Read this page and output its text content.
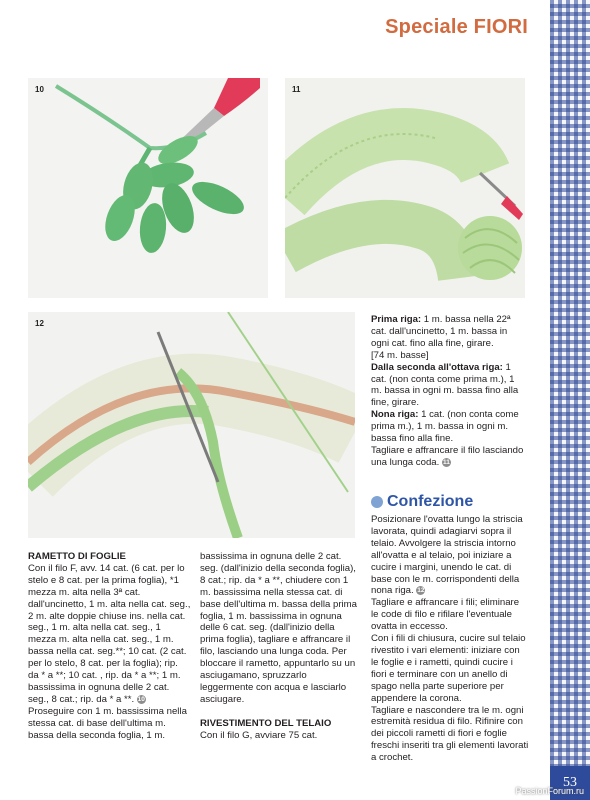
Speciale FIORI
10	11
12

RAMETTO DI FOGLIE

Con il filo F, avv. 14 cat. (6 cat. per lo stelo e 8 cat. per la prima foglia), *1 mezza m. alta nella 3ª cat. dall'uncinetto, 1 m. alta nella cat. seg., 2 m. alte doppie chiuse ins. nella cat. seg., 1 m. alta nella cat. seg., 1 mezza m. alta nella cat. seg., 1 m. bassa nella cat. seg.**; 10 cat. (2 cat. per lo stelo, 8 cat. per la foglia); rip. da * a **; 10 cat. , rip. da * a **; 1 m. bassissima in ognuna delle 2 cat. seg., 8 cat.; rip. da * a **. 10

Proseguire con 1 m. bassissima nella stessa cat. di base dell'ultima m. bassa della seconda foglia, 1 m.

bassissima in ognuna delle 2 cat. seg. (dall'inizio della seconda foglia), 8 cat.; rip. da * a **, chiudere con 1 m. bassissima nella stessa cat. di base dell'ultima m. bassa della prima foglia, 1 m. bassissima in ognuna delle 6 cat. seg. (dall'inizio della prima foglia), tagliare e affrancare il filo, lasciando una lunga coda. Per bloccare il rametto, appuntarlo su un asciugamano, spruzzarlo leggermente con acqua e lasciarlo asciugare.

RIVESTIMENTO DEL TELAIO

Con il filo G, avviare 75 cat.

Prima riga: 1 m. bassa nella 22ª cat. dall'uncinetto, 1 m. bassa in ogni cat. fino alla fine, girare.

[74 m. basse]

Dalla seconda all'ottava riga: 1 cat. (non conta come prima m.), 1 m. bassa in ogni m. bassa fino alla fine, girare.

Nona riga: 1 cat. (non conta come prima m.), 1 m. bassa in ogni m. bassa fino alla fine.

Tagliare e affrancare il filo lasciando una lunga coda. 11

Confezione

Posizionare l'ovatta lungo la striscia lavorata, quindi adagiarvi sopra il telaio. Avvolgere la striscia intorno all'ovatta e al telaio, poi iniziare a cucire i margini, unendo le cat. di base con le m. corrispondenti della nona riga. 12

Tagliare e affrancare i fili; eliminare le code di filo e rifilare l'eventuale ovatta in eccesso.

Con i fili di chiusura, cucire sul telaio rivestito i vari elementi: iniziare con le foglie e i rametti, quindi cucire i fiori e terminare con un anello di spago nella parte superiore per appendere la corona.

Tagliare e nascondere tra le m. ogni estremità residua di filo. Rifinire con dei piccoli rametti di fiori e foglie freschi inseriti tra gli elementi lavorati a crochet.

53
PassionForum.ru
